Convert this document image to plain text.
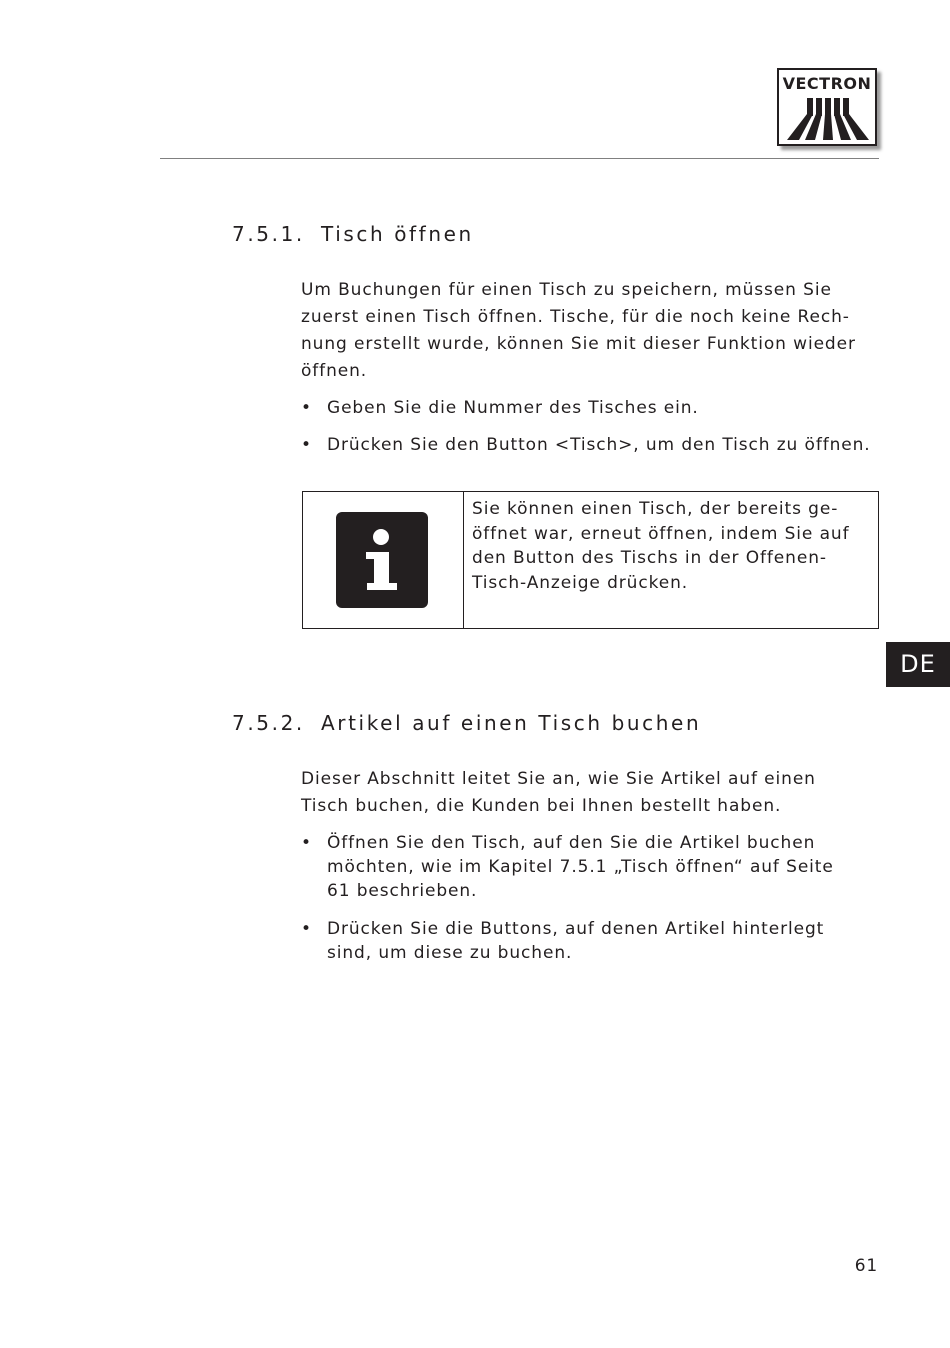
VECTRON
7.5.1. Tisch öffnen

Um Buchungen für einen Tisch zu speichern, müssen Sie
zuerst einen Tisch öffnen. Tische, für die noch keine Rech-
nung erstellt wurde, können Sie mit dieser Funktion wieder
öffnen.

• Geben Sie die Nummer des Tisches ein.
• Drücken Sie den Button <Tisch>, um den Tisch zu öffnen.

Sie können einen Tisch, der bereits ge-
öffnet war, erneut öffnen, indem Sie auf
den Button des Tischs in der Offenen-
Tisch-Anzeige drücken.

DE
7.5.2. Artikel auf einen Tisch buchen

Dieser Abschnitt leitet Sie an, wie Sie Artikel auf einen
Tisch buchen, die Kunden bei Ihnen bestellt haben.

• Öffnen Sie den Tisch, auf den Sie die Artikel buchen
möchten, wie im Kapitel 7.5.1 „Tisch öffnen“ auf Seite
61 beschrieben.
• Drücken Sie die Buttons, auf denen Artikel hinterlegt
sind, um diese zu buchen.
61
